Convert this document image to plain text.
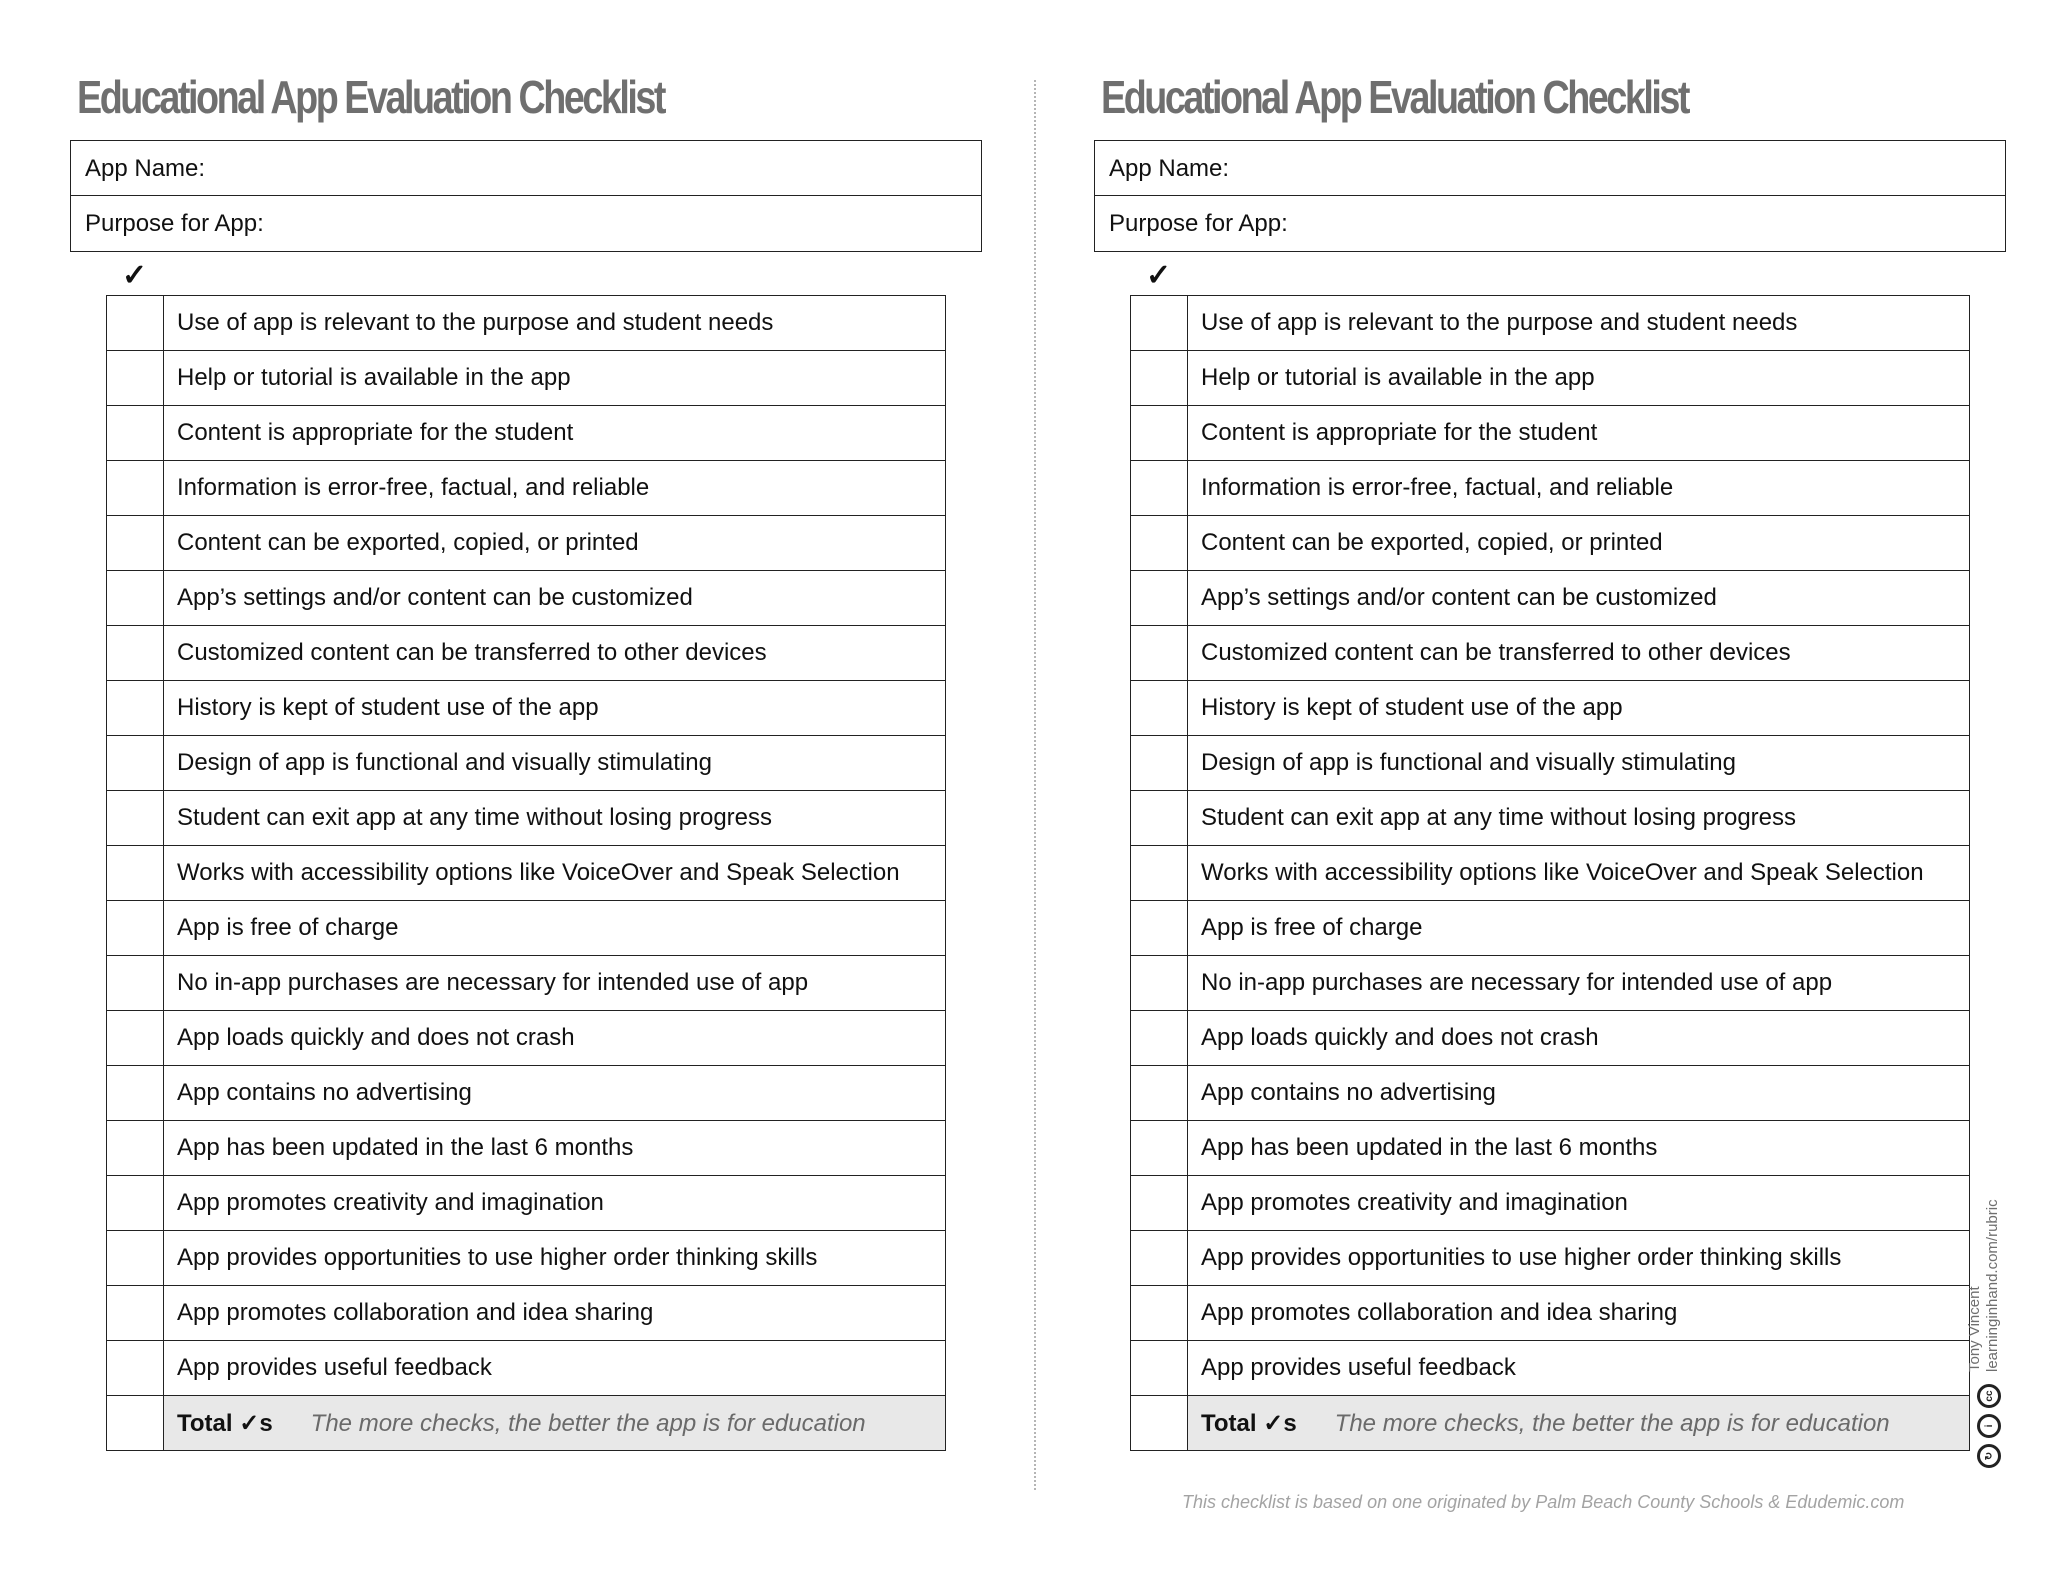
Educational App Evaluation Checklist
App Name:
Purpose for App:
✓
	Use of app is relevant to the purpose and student needs
	Help or tutorial is available in the app
	Content is appropriate for the student
	Information is error-free, factual, and reliable
	Content can be exported, copied, or printed
	App’s settings and/or content can be customized
	Customized content can be transferred to other devices
	History is kept of student use of the app
	Design of app is functional and visually stimulating
	Student can exit app at any time without losing progress
	Works with accessibility options like VoiceOver and Speak Selection
	App is free of charge
	No in-app purchases are necessary for intended use of app
	App loads quickly and does not crash
	App contains no advertising
	App has been updated in the last 6 months
	App promotes creativity and imagination
	App provides opportunities to use higher order thinking skills
	App promotes collaboration and idea sharing
	App provides useful feedback
	Total ✓s The more checks, the better the app is for education
Educational App Evaluation Checklist
App Name:
Purpose for App:
✓
	Use of app is relevant to the purpose and student needs
	Help or tutorial is available in the app
	Content is appropriate for the student
	Information is error-free, factual, and reliable
	Content can be exported, copied, or printed
	App’s settings and/or content can be customized
	Customized content can be transferred to other devices
	History is kept of student use of the app
	Design of app is functional and visually stimulating
	Student can exit app at any time without losing progress
	Works with accessibility options like VoiceOver and Speak Selection
	App is free of charge
	No in-app purchases are necessary for intended use of app
	App loads quickly and does not crash
	App contains no advertising
	App has been updated in the last 6 months
	App promotes creativity and imagination
	App provides opportunities to use higher order thinking skills
	App promotes collaboration and idea sharing
	App provides useful feedback
	Total ✓s The more checks, the better the app is for education
This checklist is based on one originated by Palm Beach County Schools & Edudemic.com
Tony Vincent learninginhand.com/rubric
cc
i
↻
